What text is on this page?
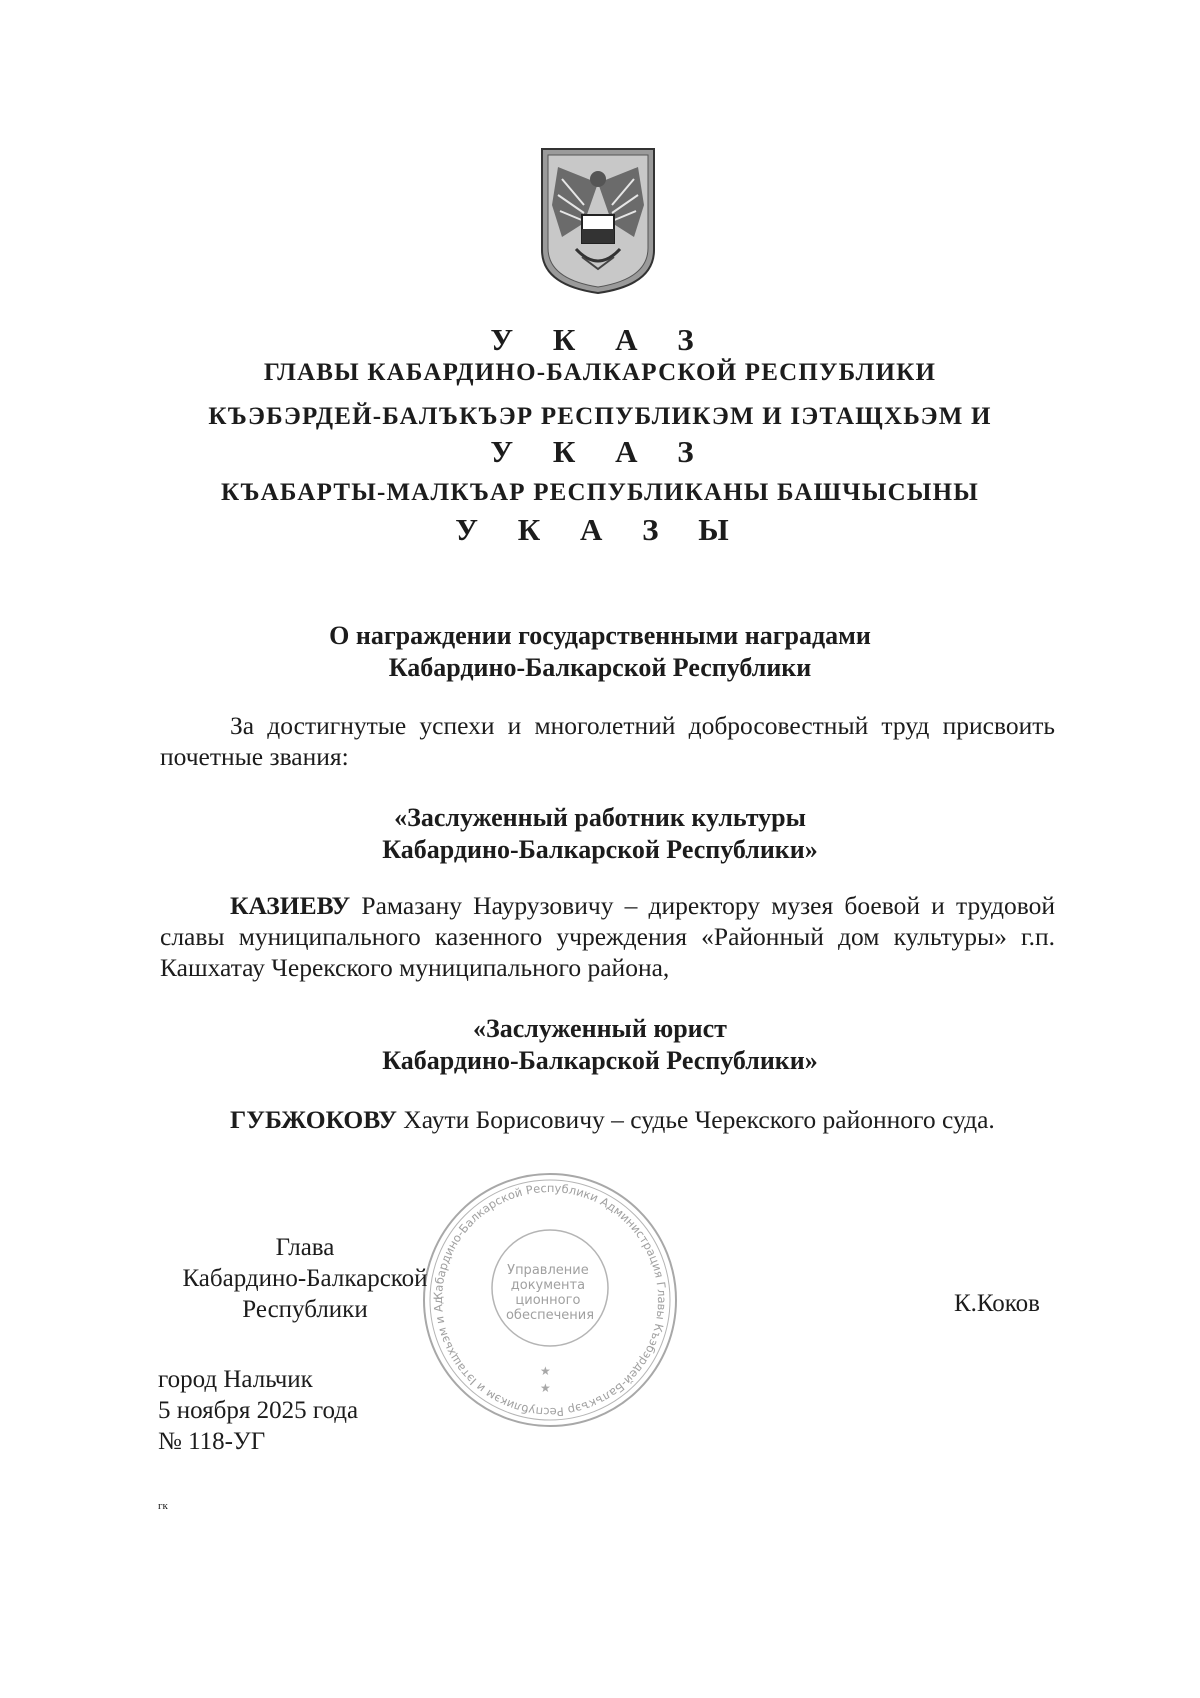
У К А З
ГЛАВЫ КАБАРДИНО-БАЛКАРСКОЙ РЕСПУБЛИКИ
КЪЭБЭРДЕЙ-БАЛЪКЪЭР РЕСПУБЛИКЭМ И IЭТАЩХЬЭМ И
У К А З
КЪАБАРТЫ-МАЛКЪАР РЕСПУБЛИКАНЫ БАШЧЫСЫНЫ
У К А З Ы
О награждении государственными наградами
Кабардино-Балкарской Республики

За достигнутые успехи и многолетний добросовестный труд присвоить почетные звания:

«Заслуженный работник культуры
Кабардино-Балкарской Республики»

КАЗИЕВУ Рамазану Наурузовичу – директору музея боевой и трудовой славы муниципального казенного учреждения «Районный дом культуры» г.п. Кашхатау Черекского муниципального района,

«Заслуженный юрист
Кабардино-Балкарской Республики»

ГУБЖОКОВУ Хаути Борисовичу – судье Черекского районного суда.

Кабардино-Балкарской Республики Администрация Главы Къэбэрдей-Балъкъэр Республикэм и Iэтащхьэм и Ад
Управление документа ционного обеспечения
★
★
Глава
Кабардино-Балкарской
Республики	К.Коков
город Нальчик
5 ноября 2025 года
№ 118-УГ
гк
